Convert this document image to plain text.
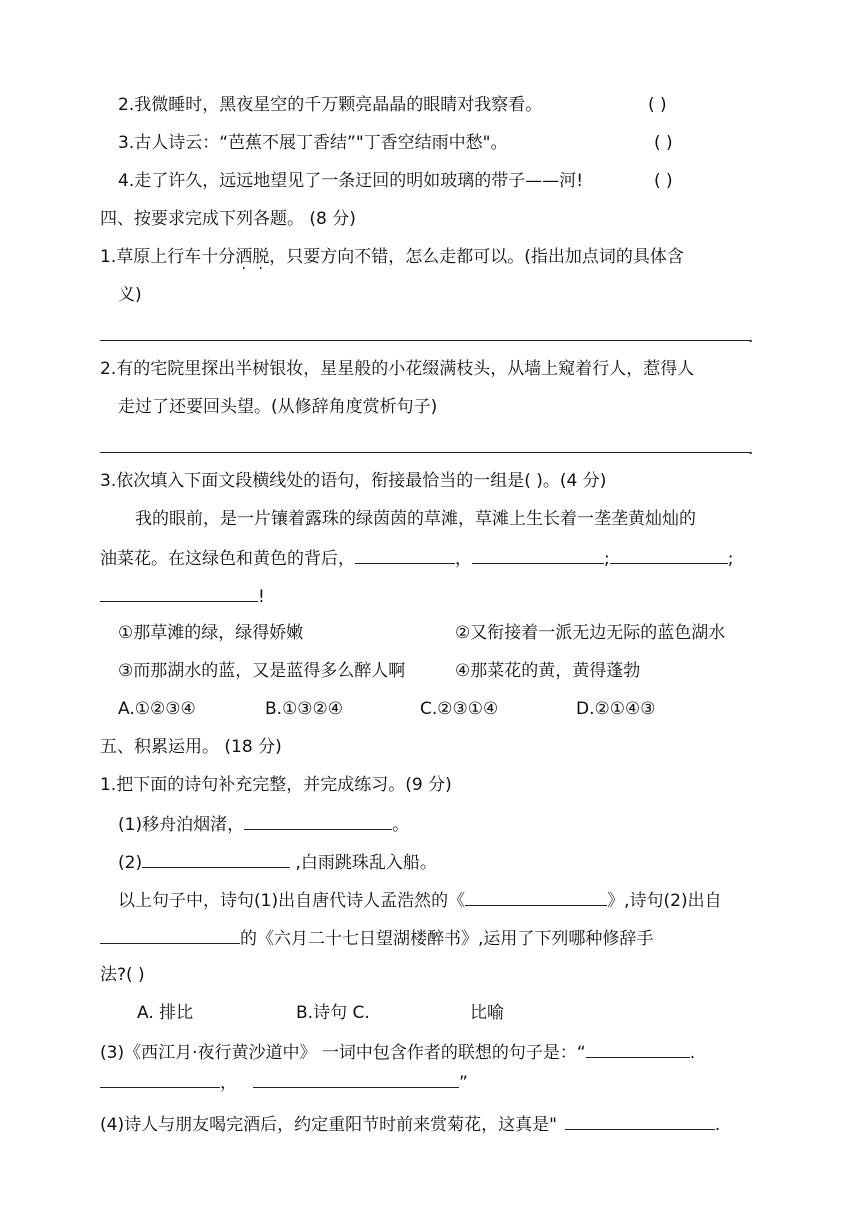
2.我微睡时，黑夜星空的千万颗亮晶晶的眼睛对我察看。	( )
3.古人诗云：“芭蕉不展丁香结”"丁香空结雨中愁"。	( )
4.走了许久，远远地望见了一条迂回的明如玻璃的带子——河!	( )
四、按要求完成下列各题。 (8 分)
1.草原上行车十分洒脱，只要方向不错，怎么走都可以。(指出加点词的具体含
义)
.
2.有的宅院里探出半树银妆，星星般的小花缀满枝头，从墙上窥着行人，惹得人
走过了还要回头望。(从修辞角度赏析句子)
.
3.依次填入下面文段横线处的语句，衔接最恰当的一组是( )。(4 分)
我的眼前，是一片镶着露珠的绿茵茵的草滩，草滩上生长着一垄垄黄灿灿的
油菜花。在这绿色和黄色的背后，	，	;	;
!
①那草滩的绿，绿得娇嫩	②又衔接着一派无边无际的蓝色湖水
③而那湖水的蓝，又是蓝得多么醉人啊	④那菜花的黄，黄得蓬勃
A.①②③④	B.①③②④	C.②③①④	D.②①④③
五、积累运用。 (18 分)
1.把下面的诗句补充完整，并完成练习。(9 分)
(1)移舟泊烟渚，	。
(2)	,白雨跳珠乱入船。
以上句子中，诗句(1)出自唐代诗人孟浩然的《	》,诗句(2)出自
的《六月二十七日望湖楼醉书》,运用了下列哪种修辞手
法?( )
A. 排比	B.诗句 C.	比喻
(3)《西江月·夜行黄沙道中》 一词中包含作者的联想的句子是：“	.
，	”
(4)诗人与朋友喝完酒后，约定重阳节时前来赏菊花，这真是"	.
